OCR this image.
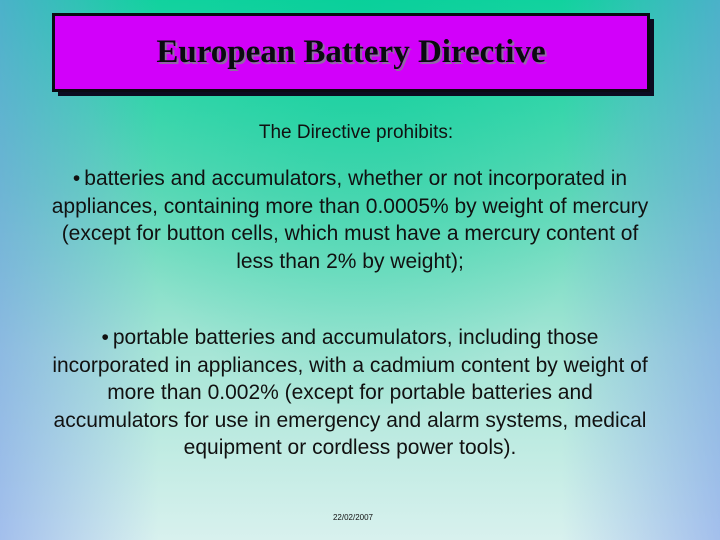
European Battery Directive
The Directive prohibits:
• batteries and accumulators, whether or not incorporated in appliances, containing more than 0.0005% by weight of mercury (except for button cells, which must have a mercury content of less than 2% by weight);
• portable batteries and accumulators, including those incorporated in appliances, with a cadmium content by weight of more than 0.002% (except for portable batteries and accumulators for use in emergency and alarm systems, medical equipment or cordless power tools).
22/02/2007
